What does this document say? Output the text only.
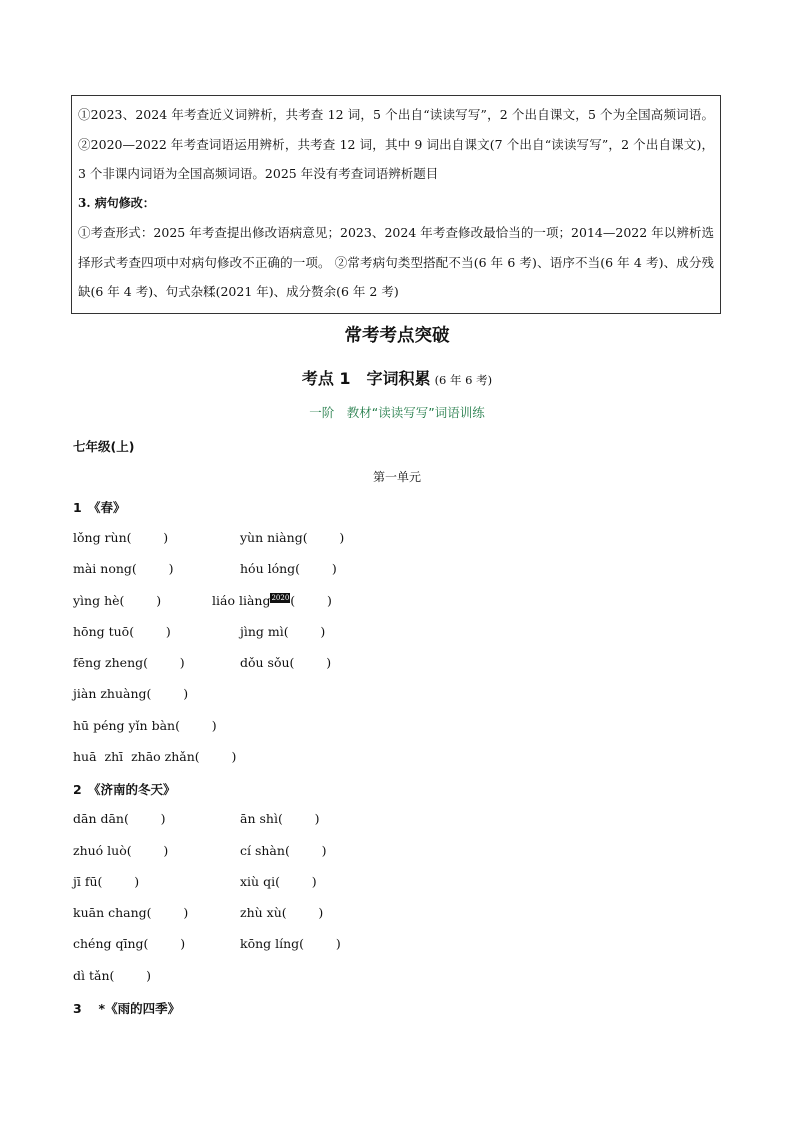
①2023、2024 年考查近义词辨析，共考查 12 词，5 个出自“读读写写”，2 个出自课文，5 个为全国高频词语。②2020—2022 年考查词语运用辨析，共考查 12 词，其中 9 词出自课文(7 个出自“读读写写”，2 个出自课文)，3 个非课内词语为全国高频词语。2025 年没有考查词语辨析题目

3. 病句修改：

①考查形式：2025 年考查提出修改语病意见；2023、2024 年考查修改最恰当的一项；2014—2022 年以辨析选择形式考查四项中对病句修改不正确的一项。 ②常考病句类型搭配不当(6 年 6 考)、语序不当(6 年 4 考)、成分残缺(6 年 4 考)、句式杂糅(2021 年)、成分赘余(6 年 2 考)

常考考点突破
考点 1　字词积累 (6 年 6 考)
一阶　教材“读读写写”词语训练
七年级(上)
第一单元
1　《春》
lǒng rùn(        )	yùn niàng(        )
mài nong(        )	hóu lóng(        )
yìng hè(        )	liáo liàng2020(        )
hōng tuō(        )	jìng mì(        )
fēng zheng(        )	dǒu sǒu(        )
jiàn zhuàng(        )
hū péng yǐn bàn(        )
huā  zhī  zhāo zhǎn(        )
2　《济南的冬天》
dān dān(        )	ān shì(        )
zhuó luò(        )	cí shàn(        )
jī fū(        )	xiù qi(        )
kuān chang(        )	zhù xù(        )
chéng qīng(        )	kōng líng(        )
dì tǎn(        )
3　 *《雨的四季》
